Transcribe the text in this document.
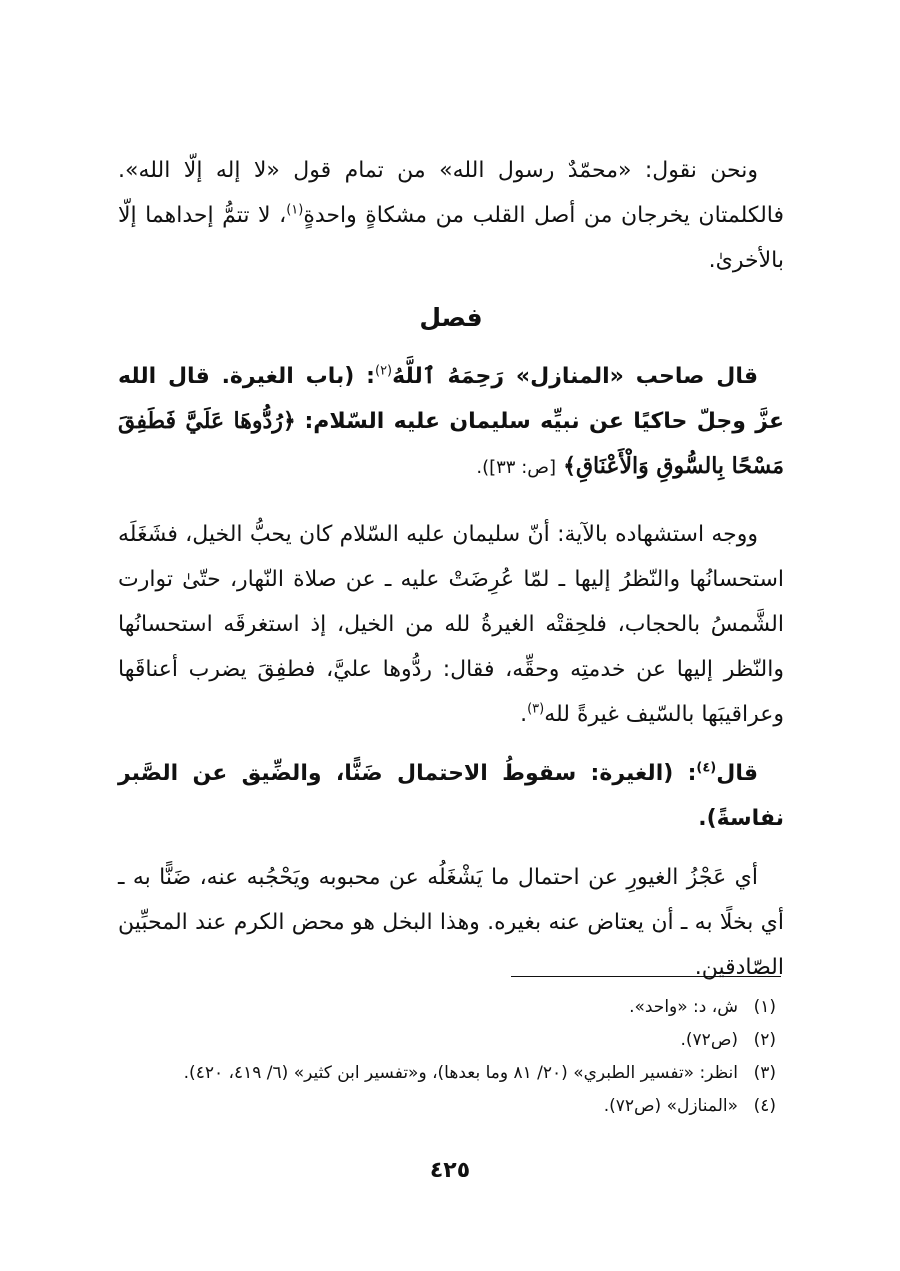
ونحن نقول: «محمّدٌ رسول الله» من تمام قول «لا إله إلّا الله». فالكلمتان يخرجان من أصل القلب من مشكاةٍ واحدةٍ$^{(١)}$، لا تتمُّ إحداهما إلّا بالأخرىٰ.

فصل

قال صاحب «المنازل» رَحِمَهُ ٱللَّهُ$^{(٢)}$: (باب الغيرة. قال الله عزَّ وجلّ حاكيًا عن نبيِّه سليمان عليه السّلام: ﴿رُدُّوهَا عَلَيَّ فَطَفِقَ مَسْحًا بِالسُّوقِ وَالْأَعْنَاقِ﴾ [ص: ٣٣]).

ووجه استشهاده بالآية: أنّ سليمان عليه السّلام كان يحبُّ الخيل، فشَغَلَه استحسانُها والنّظرُ إليها ـ لمّا عُرِضَتْ عليه ـ عن صلاة النّهار، حتّىٰ توارت الشَّمسُ بالحجاب، فلحِقتْه الغيرةُ لله من الخيل، إذ استغرقَه استحسانُها والنّظر إليها عن خدمتِه وحقِّه، فقال: ردُّوها عليَّ، فطفِقَ يضرب أعناقَها وعراقيبَها بالسّيف غيرةً لله$^{(٣)}$.

قال$^{(٤)}$: (الغيرة: سقوطُ الاحتمال ضَنًّا، والضِّيق عن الصَّبر نفاسةً).

أي عَجْزُ الغيورِ عن احتمال ما يَشْغَلُه عن محبوبه ويَحْجُبه عنه، ضَنًّا به ـ أي بخلًا به ـ أن يعتاض عنه بغيره. وهذا البخل هو محض الكرم عند المحبِّين الصّادقين.

(١)ش، د: «واحد».
(٢)(ص٧٢).
(٣)انظر: «تفسير الطبري» (٢٠/ ٨١ وما بعدها)، و«تفسير ابن كثير» (٦/ ٤١٩، ٤٢٠).
(٤)«المنازل» (ص٧٢).
٤٢٥
